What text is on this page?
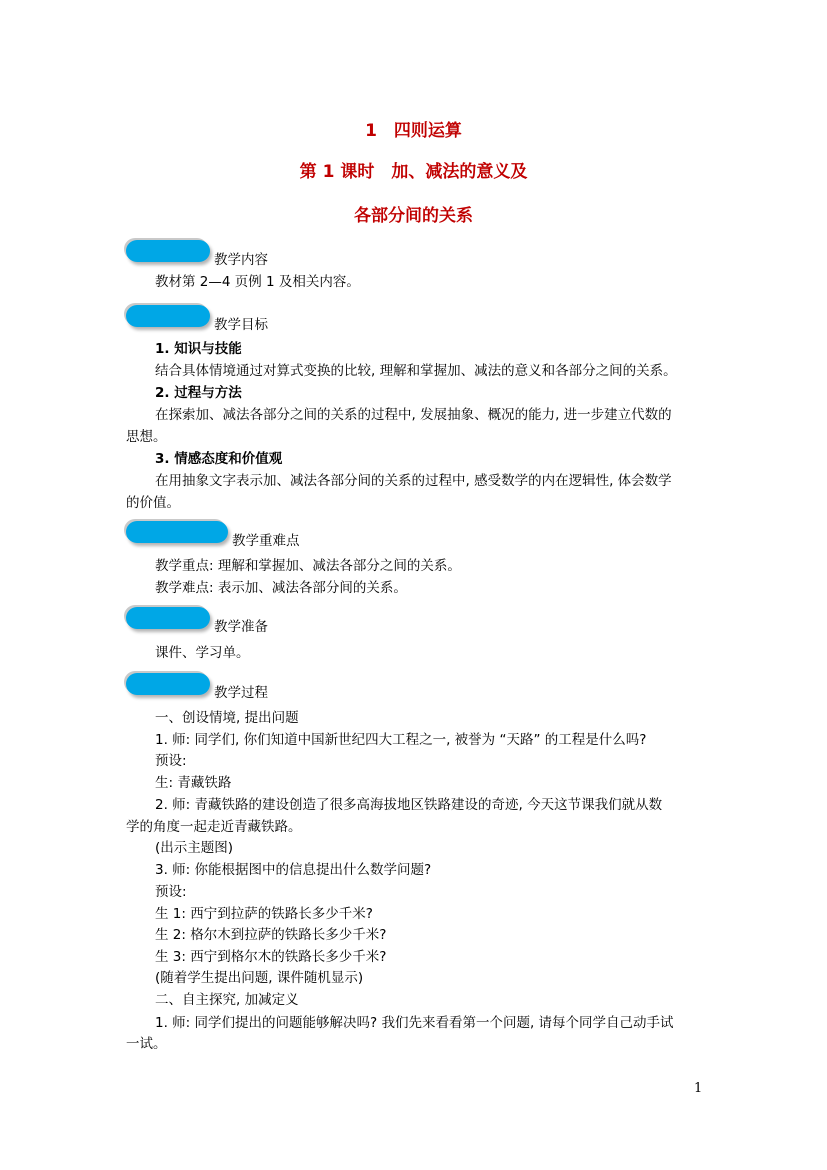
1　四则运算
第 1 课时　加、减法的意义及
各部分间的关系
教学内容
教材第 2—4 页例 1 及相关内容。
教学目标
1. 知识与技能
结合具体情境通过对算式变换的比较, 理解和掌握加、减法的意义和各部分之间的关系。
2. 过程与方法
在探索加、减法各部分之间的关系的过程中, 发展抽象、概况的能力, 进一步建立代数的
思想。
3. 情感态度和价值观
在用抽象文字表示加、减法各部分间的关系的过程中, 感受数学的内在逻辑性, 体会数学
的价值。
教学重难点
教学重点: 理解和掌握加、减法各部分之间的关系。
教学难点: 表示加、减法各部分间的关系。
教学准备
课件、学习单。
教学过程
一、创设情境, 提出问题
1. 师: 同学们, 你们知道中国新世纪四大工程之一, 被誉为 “天路” 的工程是什么吗?
预设:
生: 青藏铁路
2. 师: 青藏铁路的建设创造了很多高海拔地区铁路建设的奇迹, 今天这节课我们就从数
学的角度一起走近青藏铁路。
(出示主题图)
3. 师: 你能根据图中的信息提出什么数学问题?
预设:
生 1: 西宁到拉萨的铁路长多少千米?
生 2: 格尔木到拉萨的铁路长多少千米?
生 3: 西宁到格尔木的铁路长多少千米?
(随着学生提出问题, 课件随机显示)
二、自主探究, 加减定义
1. 师: 同学们提出的问题能够解决吗? 我们先来看看第一个问题, 请每个同学自己动手试
一试。
1
